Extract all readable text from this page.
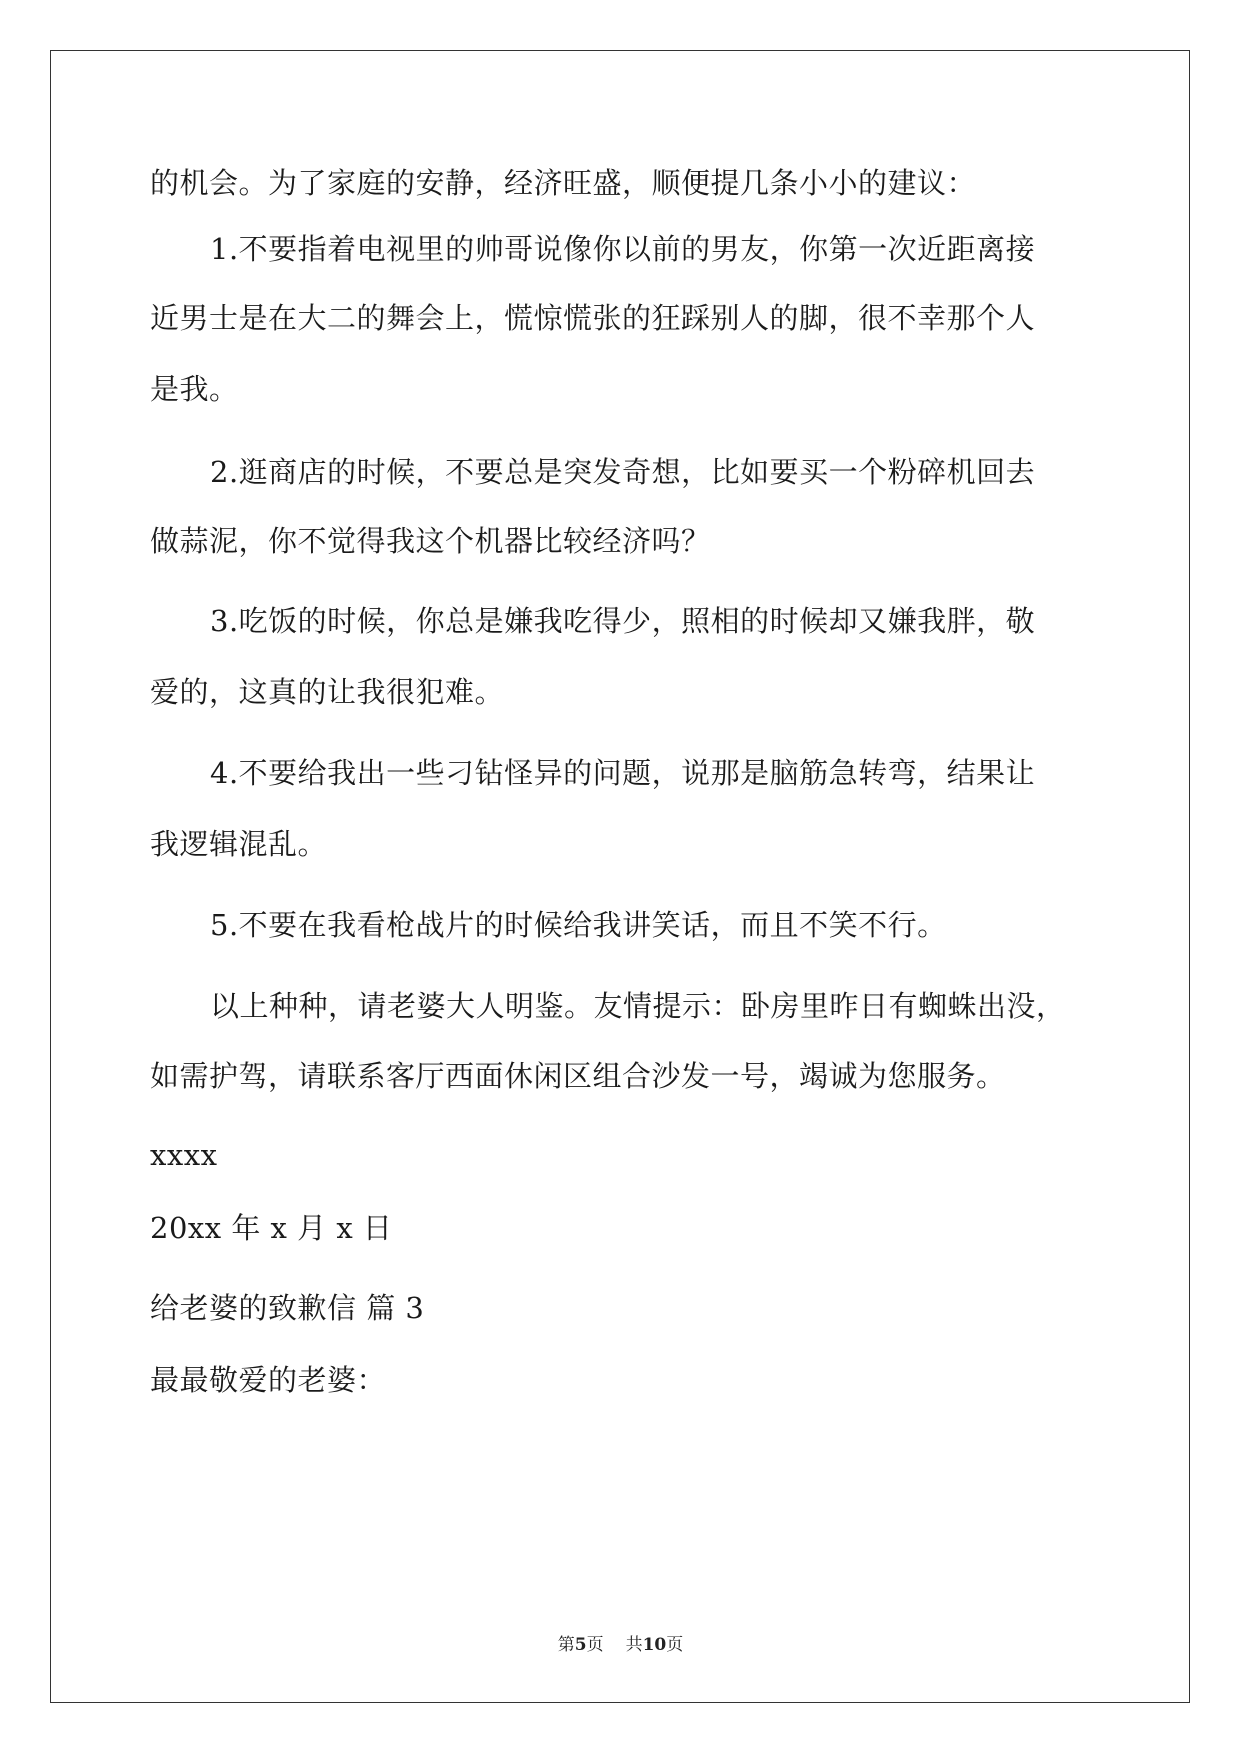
的机会。为了家庭的安静，经济旺盛，顺便提几条小小的建议：
1.不要指着电视里的帅哥说像你以前的男友，你第一次近距离接
近男士是在大二的舞会上，慌惊慌张的狂踩别人的脚，很不幸那个人
是我。
2.逛商店的时候，不要总是突发奇想，比如要买一个粉碎机回去
做蒜泥，你不觉得我这个机器比较经济吗？
3.吃饭的时候，你总是嫌我吃得少，照相的时候却又嫌我胖，敬
爱的，这真的让我很犯难。
4.不要给我出一些刁钻怪异的问题，说那是脑筋急转弯，结果让
我逻辑混乱。
5.不要在我看枪战片的时候给我讲笑话，而且不笑不行。
以上种种，请老婆大人明鉴。友情提示：卧房里昨日有蜘蛛出没，
如需护驾，请联系客厅西面休闲区组合沙发一号，竭诚为您服务。
xxxx
20xx 年 x 月 x 日
给老婆的致歉信 篇 3
最最敬爱的老婆：
第5页 共10页
